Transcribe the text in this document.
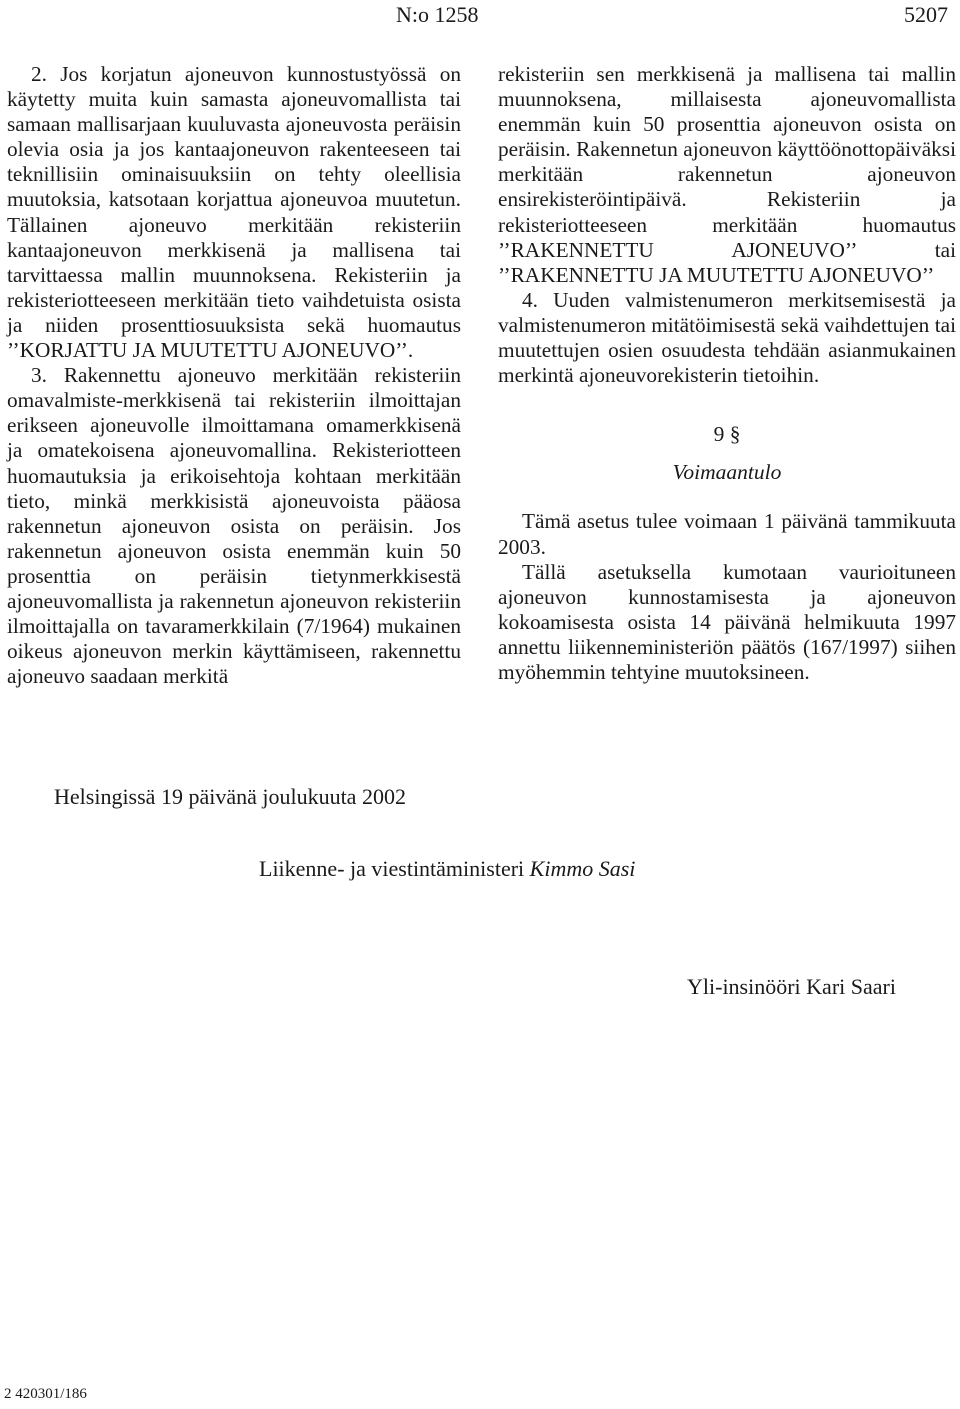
N:o 1258	5207

2. Jos korjatun ajoneuvon kunnostustyössä on käytetty muita kuin samasta ajoneuvomallista tai samaan mallisarjaan kuuluvasta ajoneuvosta peräisin olevia osia ja jos kantaajoneuvon rakenteeseen tai teknillisiin ominaisuuksiin on tehty oleellisia muutoksia, katsotaan korjattua ajoneuvoa muutetun. Tällainen ajoneuvo merkitään rekisteriin kantaajoneuvon merkkisenä ja mallisena tai tarvittaessa mallin muunnoksena. Rekisteriin ja rekisteriotteeseen merkitään tieto vaihdetuista osista ja niiden prosenttiosuuksista sekä huomautus ’’KORJATTU JA MUUTETTU AJONEUVO’’.

3. Rakennettu ajoneuvo merkitään rekisteriin omavalmiste-merkkisenä tai rekisteriin ilmoittajan erikseen ajoneuvolle ilmoittamana omamerkkisenä ja omatekoisena ajoneuvomallina. Rekisteriotteen huomautuksia ja erikoisehtoja kohtaan merkitään tieto, minkä merkkisistä ajoneuvoista pääosa rakennetun ajoneuvon osista on peräisin. Jos rakennetun ajoneuvon osista enemmän kuin 50 prosenttia on peräisin tietynmerkkisestä ajoneuvomallista ja rakennetun ajoneuvon rekisteriin ilmoittajalla on tavaramerkkilain (7/1964) mukainen oikeus ajoneuvon merkin käyttämiseen, rakennettu ajoneuvo saadaan merkitä

rekisteriin sen merkkisenä ja mallisena tai mallin muunnoksena, millaisesta ajoneuvomallista enemmän kuin 50 prosenttia ajoneuvon osista on peräisin. Rakennetun ajoneuvon käyttöönottopäiväksi merkitään rakennetun ajoneuvon ensirekisteröintipäivä. Rekisteriin ja rekisteriotteeseen merkitään huomautus ’’RAKENNETTU AJONEUVO’’ tai ’’RAKENNETTU JA MUUTETTU AJONEUVO’’

4. Uuden valmistenumeron merkitsemisestä ja valmistenumeron mitätöimisestä sekä vaihdettujen tai muutettujen osien osuudesta tehdään asianmukainen merkintä ajoneuvorekisterin tietoihin.

9 §
Voimaantulo

Tämä asetus tulee voimaan 1 päivänä tammikuuta 2003.

Tällä asetuksella kumotaan vaurioituneen ajoneuvon kunnostamisesta ja ajoneuvon kokoamisesta osista 14 päivänä helmikuuta 1997 annettu liikenneministeriön päätös (167/1997) siihen myöhemmin tehtyine muutoksineen.

Helsingissä 19 päivänä joulukuuta 2002
Liikenne- ja viestintäministeri Kimmo Sasi
Yli-insinööri Kari Saari
2 420301/186
